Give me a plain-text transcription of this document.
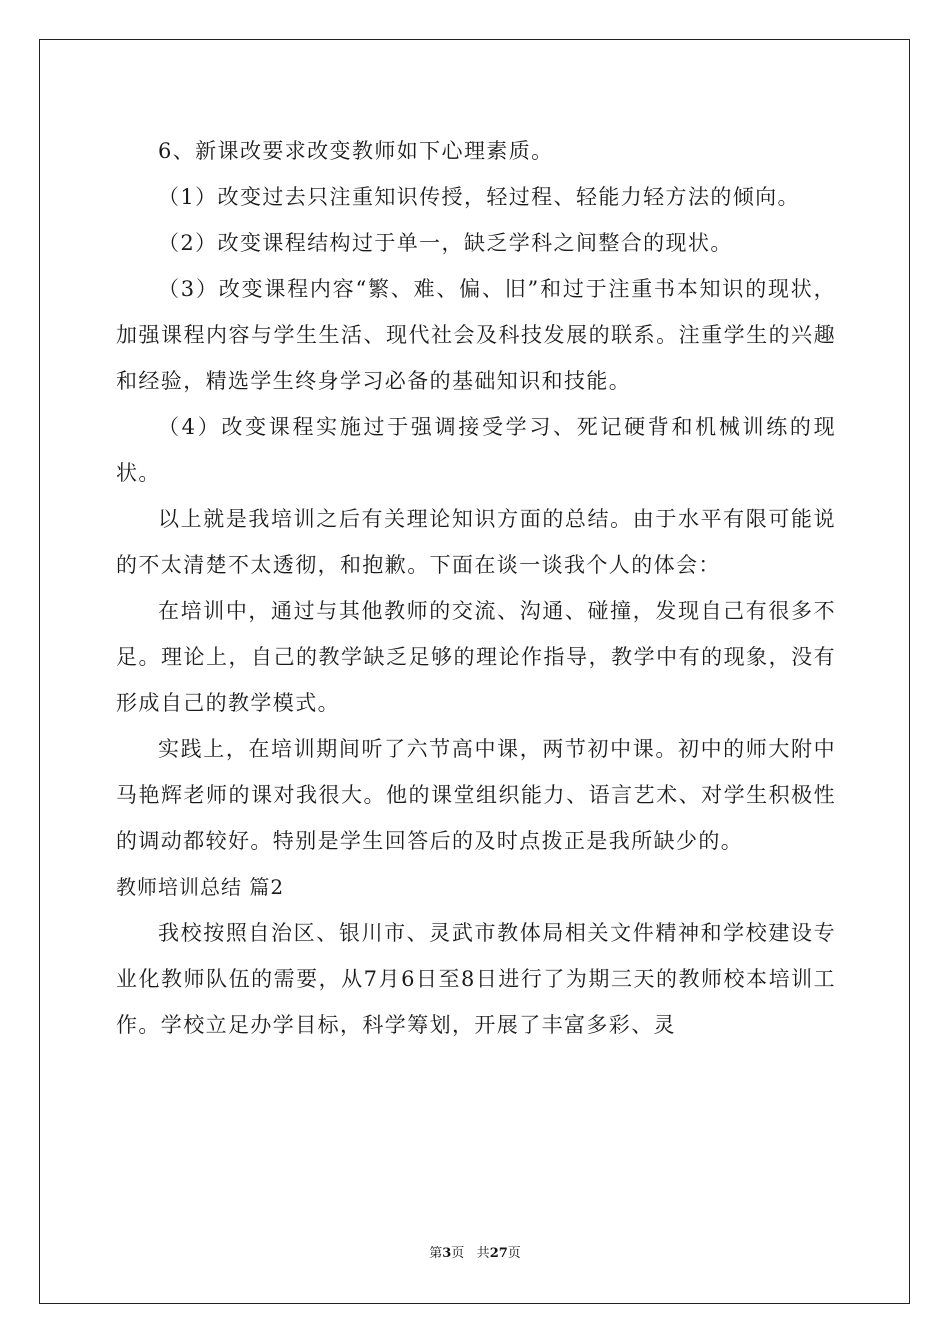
6、新课改要求改变教师如下心理素质。

（1）改变过去只注重知识传授，轻过程、轻能力轻方法的倾向。

（2）改变课程结构过于单一，缺乏学科之间整合的现状。

（3）改变课程内容“繁、难、偏、旧”和过于注重书本知识的现状，加强课程内容与学生生活、现代社会及科技发展的联系。注重学生的兴趣和经验，精选学生终身学习必备的基础知识和技能。

（4）改变课程实施过于强调接受学习、死记硬背和机械训练的现状。

以上就是我培训之后有关理论知识方面的总结。由于水平有限可能说的不太清楚不太透彻，和抱歉。下面在谈一谈我个人的体会：

在培训中，通过与其他教师的交流、沟通、碰撞，发现自己有很多不足。理论上，自己的教学缺乏足够的理论作指导，教学中有的现象，没有形成自己的教学模式。

实践上，在培训期间听了六节高中课，两节初中课。初中的师大附中马艳辉老师的课对我很大。他的课堂组织能力、语言艺术、对学生积极性的调动都较好。特别是学生回答后的及时点拨正是我所缺少的。

教师培训总结 篇2

我校按照自治区、银川市、灵武市教体局相关文件精神和学校建设专业化教师队伍的需要，从7月6日至8日进行了为期三天的教师校本培训工作。学校立足办学目标，科学筹划，开展了丰富多彩、灵

第3页 共27页
